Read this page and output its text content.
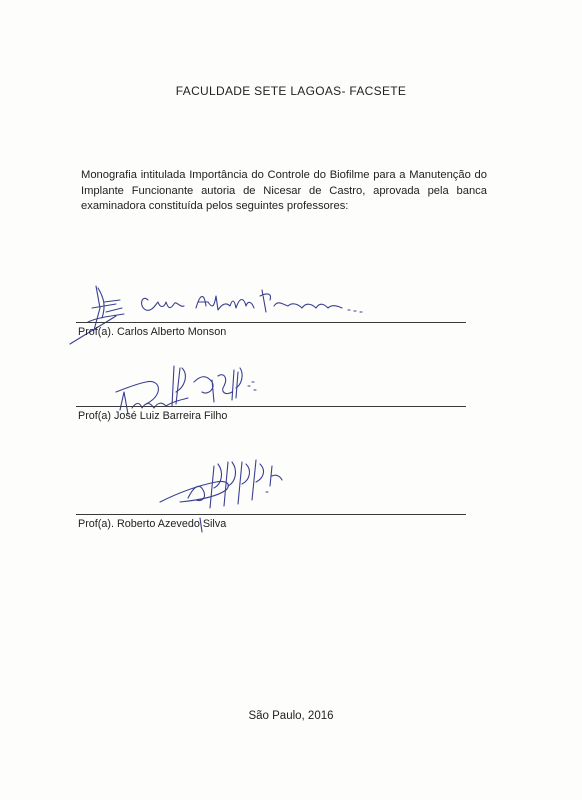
FACULDADE SETE LAGOAS- FACSETE
Monografia intitulada Importância do Controle do Biofilme para a Manutenção do Implante Funcionante autoria de Nicesar de Castro, aprovada pela banca examinadora constituída pelos seguintes professores:
Prof(a). Carlos Alberto Monson
Prof(a) José Luiz Barreira Filho
Prof(a). Roberto Azevedo Silva
São Paulo, 2016
